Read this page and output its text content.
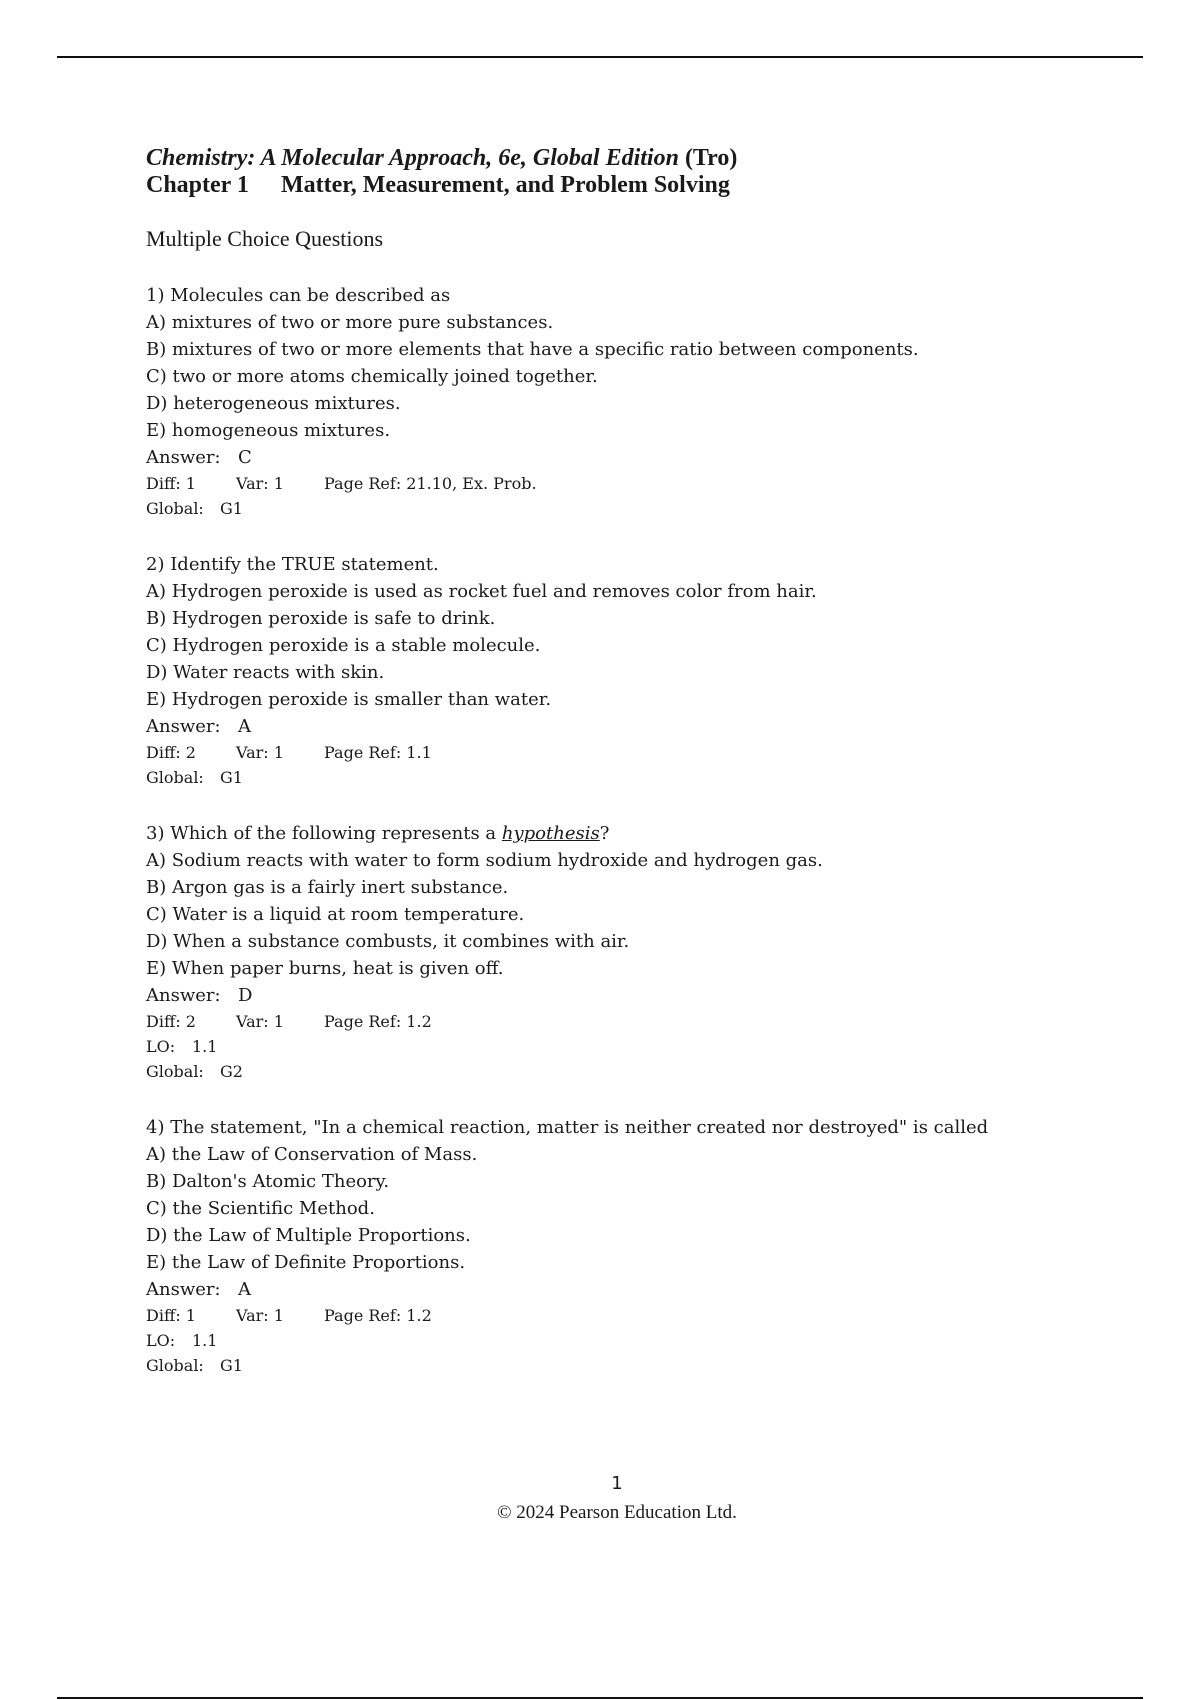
Chemistry: A Molecular Approach, 6e, Global Edition (Tro)
Chapter 1 Matter, Measurement, and Problem Solving
Multiple Choice Questions
1) Molecules can be described as
A) mixtures of two or more pure substances.
B) mixtures of two or more elements that have a specific ratio between components.
C) two or more atoms chemically joined together.
D) heterogeneous mixtures.
E) homogeneous mixtures.
Answer: C
Diff: 1	Var: 1	Page Ref: 21.10, Ex. Prob.
Global: G1
2) Identify the TRUE statement.
A) Hydrogen peroxide is used as rocket fuel and removes color from hair.
B) Hydrogen peroxide is safe to drink.
C) Hydrogen peroxide is a stable molecule.
D) Water reacts with skin.
E) Hydrogen peroxide is smaller than water.
Answer: A
Diff: 2	Var: 1	Page Ref: 1.1
Global: G1
3) Which of the following represents a hypothesis?
A) Sodium reacts with water to form sodium hydroxide and hydrogen gas.
B) Argon gas is a fairly inert substance.
C) Water is a liquid at room temperature.
D) When a substance combusts, it combines with air.
E) When paper burns, heat is given off.
Answer: D
Diff: 2	Var: 1	Page Ref: 1.2
LO: 1.1
Global: G2
4) The statement, "In a chemical reaction, matter is neither created nor destroyed" is called
A) the Law of Conservation of Mass.
B) Dalton's Atomic Theory.
C) the Scientific Method.
D) the Law of Multiple Proportions.
E) the Law of Definite Proportions.
Answer: A
Diff: 1	Var: 1	Page Ref: 1.2
LO: 1.1
Global: G1
1
© 2024 Pearson Education Ltd.
